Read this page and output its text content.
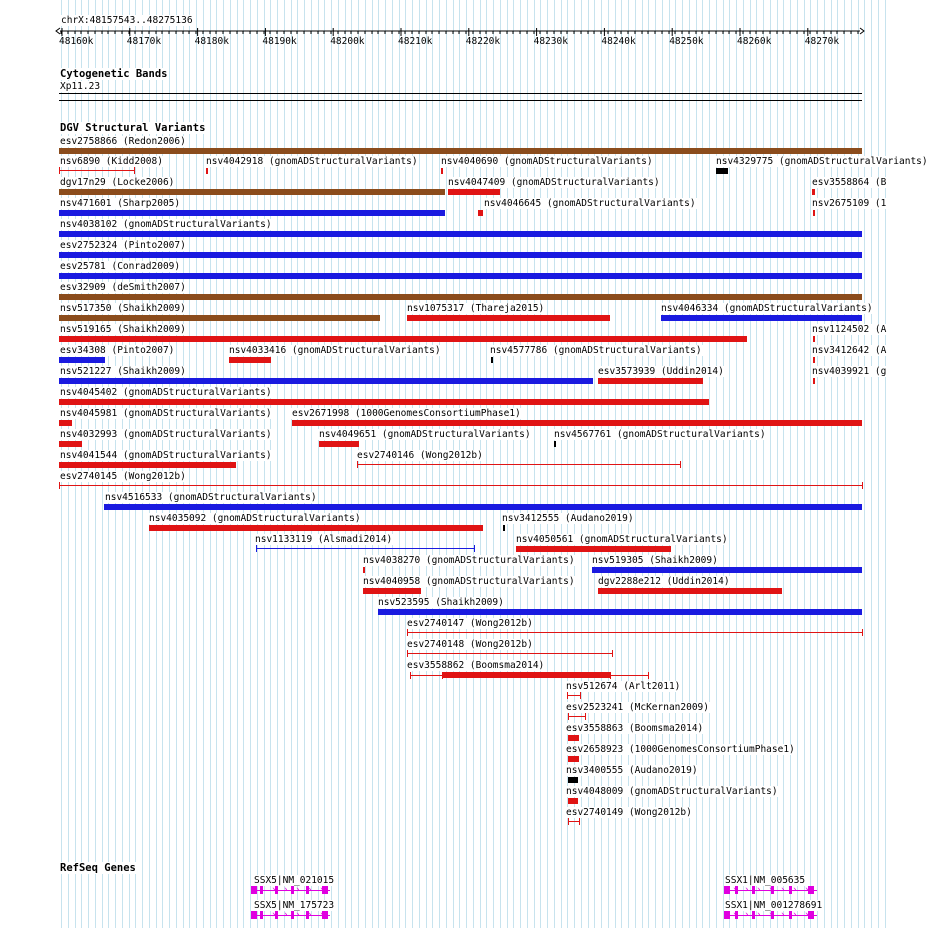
chrX:48157543..48275136
48160k	48170k	48180k	48190k	48200k	48210k	48220k	48230k	48240k	48250k	48260k	48270k
Cytogenetic Bands
Xp11.23
DGV Structural Variants
esv2758866 (Redon2006)
nsv6890 (Kidd2008)	nsv4042918 (gnomADStructuralVariants) nsv4040690 (gnomADStructuralVariants)	nsv4329775 (gnomADStructuralVariants)
dgv17n29 (Locke2006)	nsv4047409 (gnomADStructuralVariants)	esv3558864 (B
nsv471601 (Sharp2005)	nsv4046645 (gnomADStructuralVariants)	nsv2675109 (1
nsv4038102 (gnomADStructuralVariants)
esv2752324 (Pinto2007)
esv25781 (Conrad2009)
esv32909 (deSmith2007)
nsv517350 (Shaikh2009)	nsv1075317 (Thareja2015)	nsv4046334 (gnomADStructuralVariants)
nsv519165 (Shaikh2009)	nsv1124502 (A
esv34308 (Pinto2007)	nsv4033416 (gnomADStructuralVariants)	nsv4577786 (gnomADStructuralVariants)	nsv3412642 (A
nsv521227 (Shaikh2009)	esv3573939 (Uddin2014)	nsv4039921 (g
nsv4045402 (gnomADStructuralVariants)
nsv4045981 (gnomADStructuralVariants) esv2671998 (1000GenomesConsortiumPhase1)
nsv4032993 (gnomADStructuralVariants)	nsv4049651 (gnomADStructuralVariants) nsv4567761 (gnomADStructuralVariants)
nsv4041544 (gnomADStructuralVariants)	esv2740146 (Wong2012b)
esv2740145 (Wong2012b)
nsv4516533 (gnomADStructuralVariants)
nsv4035092 (gnomADStructuralVariants)	nsv3412555 (Audano2019)
nsv1133119 (Alsmadi2014)	nsv4050561 (gnomADStructuralVariants)
nsv4038270 (gnomADStructuralVariants) nsv519305 (Shaikh2009)
nsv4040958 (gnomADStructuralVariants) dgv2288e212 (Uddin2014)
nsv523595 (Shaikh2009)
esv2740147 (Wong2012b)
esv2740148 (Wong2012b)
esv3558862 (Boomsma2014)
nsv512674 (Arlt2011)
esv2523241 (McKernan2009)
esv3558863 (Boomsma2014)
esv2658923 (1000GenomesConsortiumPhase1)
nsv3400555 (Audano2019)
nsv4048009 (gnomADStructuralVariants)
esv2740149 (Wong2012b)
RefSeq Genes
SSX5|NM_021015
› › › › › ›
SSX5|NM_175723
› › › › › ›
SSX1|NM_005635
› › › › › › ›
SSX1|NM_001278691
› › › › › › ›
